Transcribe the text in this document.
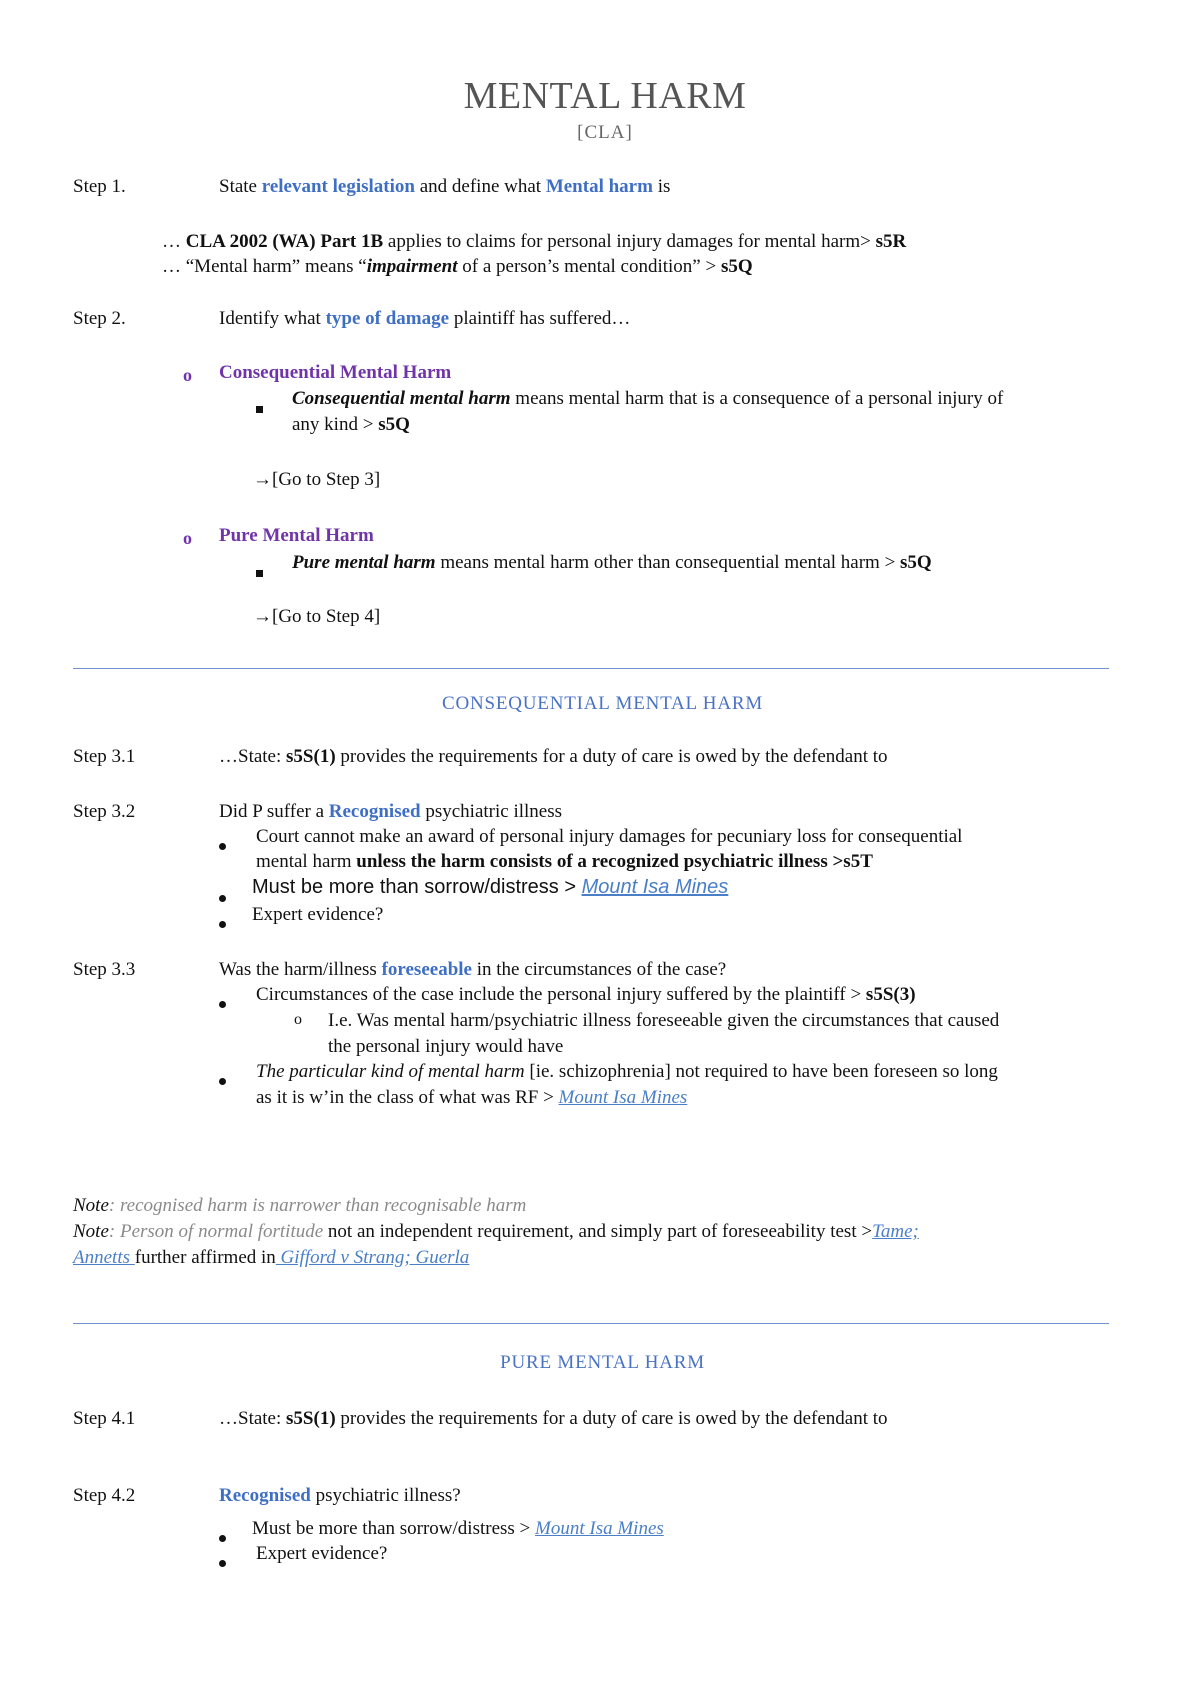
MENTAL HARM
[CLA]
Step 1.	State relevant legislation and define what Mental harm is
… CLA 2002 (WA) Part 1B applies to claims for personal injury damages for mental harm> s5R
… “Mental harm” means “impairment of a person’s mental condition” > s5Q
Step 2.	Identify what type of damage plaintiff has suffered…
o Consequential Mental Harm
Consequential mental harm means mental harm that is a consequence of a personal injury of
any kind > s5Q
→[Go to Step 3]
o Pure Mental Harm
Pure mental harm means mental harm other than consequential mental harm > s5Q
→[Go to Step 4]
CONSEQUENTIAL MENTAL HARM
Step 3.1	…State: s5S(1) provides the requirements for a duty of care is owed by the defendant to
Step 3.2	Did P suffer a Recognised psychiatric illness
Court cannot make an award of personal injury damages for pecuniary loss for consequential
mental harm unless the harm consists of a recognized psychiatric illness >s5T
Must be more than sorrow/distress > Mount Isa Mines
Expert evidence?
Step 3.3	Was the harm/illness foreseeable in the circumstances of the case?
Circumstances of the case include the personal injury suffered by the plaintiff > s5S(3)
o I.e. Was mental harm/psychiatric illness foreseeable given the circumstances that caused
the personal injury would have
The particular kind of mental harm [ie. schizophrenia] not required to have been foreseen so long
as it is w’in the class of what was RF > Mount Isa Mines
Note: recognised harm is narrower than recognisable harm
Note: Person of normal fortitude not an independent requirement, and simply part of foreseeability test >Tame;
Annetts further affirmed in Gifford v Strang; Guerla
PURE MENTAL HARM
Step 4.1	…State: s5S(1) provides the requirements for a duty of care is owed by the defendant to
Step 4.2	Recognised psychiatric illness?
Must be more than sorrow/distress > Mount Isa Mines
Expert evidence?
